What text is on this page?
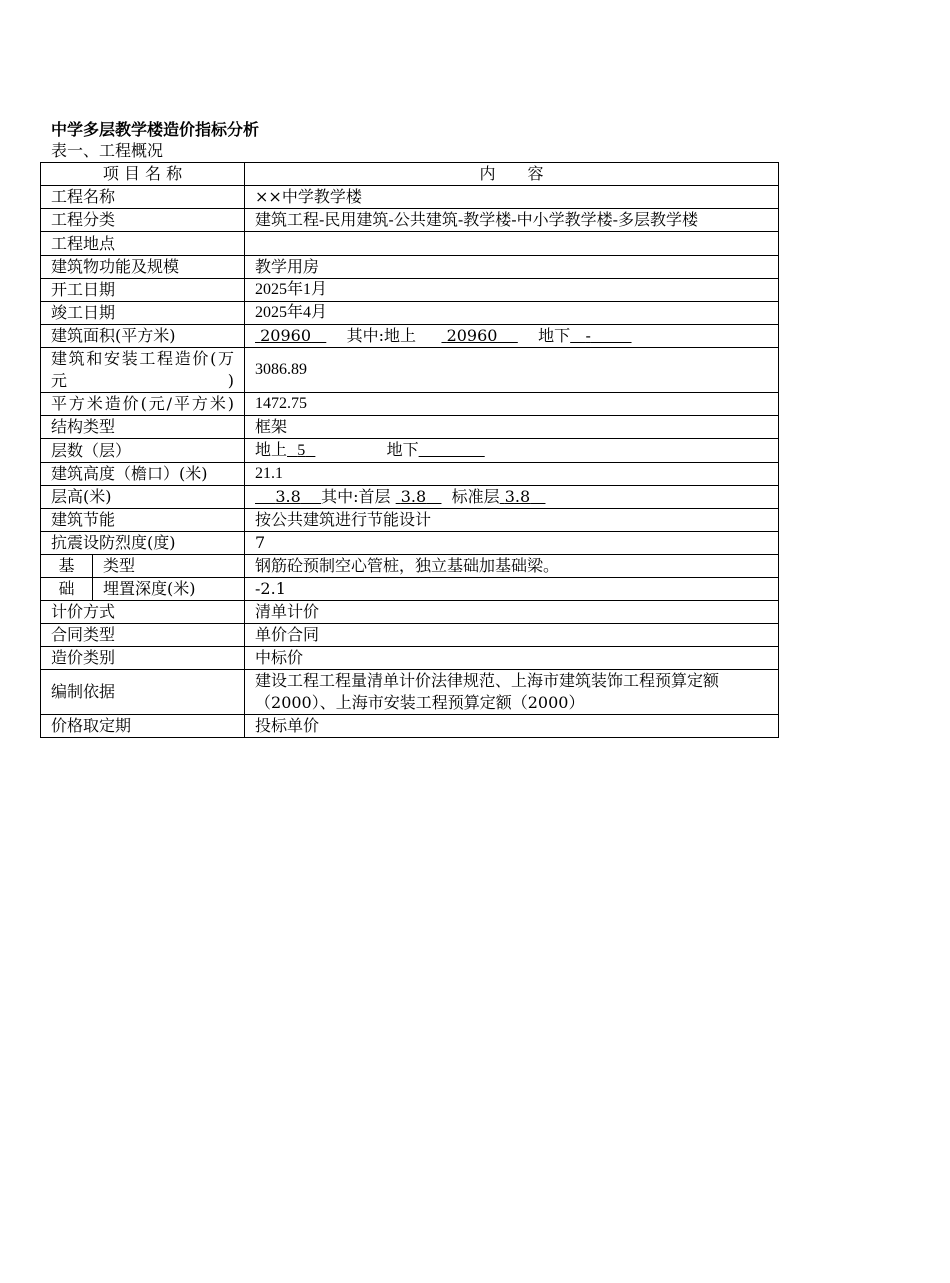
中学多层教学楼造价指标分析
表一、工程概况
项 目 名 称		内　　容
工程名称		××中学教学楼
工程分类		建筑工程-民用建筑-公共建筑-教学楼-中小学教学楼-多层教学楼
工程地点		
建筑物功能及规模		教学用房
开工日期		2025年1月
竣工日期		2025年4月
建筑面积(平方米)		20960 其中:地上 20960 地下 -
建筑和安装工程造价(万元)		3086.89
平方米造价(元/平方米)		1472.75
结构类型		框架
层数（层）		地上 5 地下
建筑高度（檐口）(米)		21.1
层高(米)		3.8 其中:首层 3.8 标准层 3.8
建筑节能		按公共建筑进行节能设计
抗震设防烈度(度)		7
基	类型	钢筋砼预制空心管桩，独立基础加基础梁。
础	埋置深度(米)	-2.1
计价方式		清单计价
合同类型		单价合同
造价类别		中标价
编制依据		建设工程工程量清单计价法律规范、上海市建筑装饰工程预算定额（2000）、上海市安装工程预算定额（2000）
价格取定期		投标单价
